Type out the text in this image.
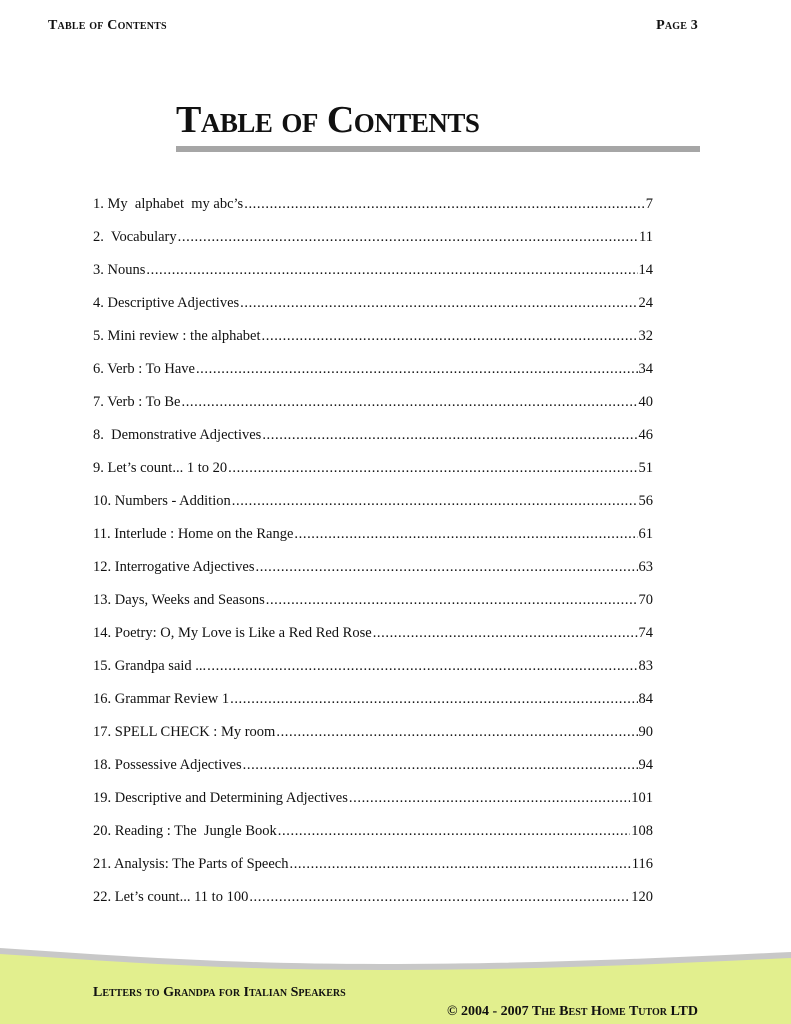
Table of Contents	Page 3
Table of Contents
1. My  alphabet  my abc’s .....	7
2.  Vocabulary .....	11
3. Nouns .....	14
4. Descriptive Adjectives .....	24
5. Mini review : the alphabet .....	32
6. Verb : To Have .....	34
7. Verb : To Be .....	40
8.  Demonstrative Adjectives .....	46
9. Let’s count... 1 to 20 .....	51
10. Numbers - Addition .....	56
11. Interlude : Home on the Range .....	61
12. Interrogative Adjectives .....	63
13. Days, Weeks and Seasons .....	70
14. Poetry: O, My Love is Like a Red Red Rose .....	74
15. Grandpa said ... .....	83
16. Grammar Review 1 .....	84
17. SPELL CHECK : My room .....	90
18. Possessive Adjectives .....	94
19. Descriptive and Determining Adjectives .....	101
20. Reading : The  Jungle Book .....	108
21. Analysis: The Parts of Speech .....	116
22. Let’s count... 11 to 100 .....	120
Letters to Grandpa for Italian Speakers
© 2004 - 2007 The Best Home Tutor LTD
